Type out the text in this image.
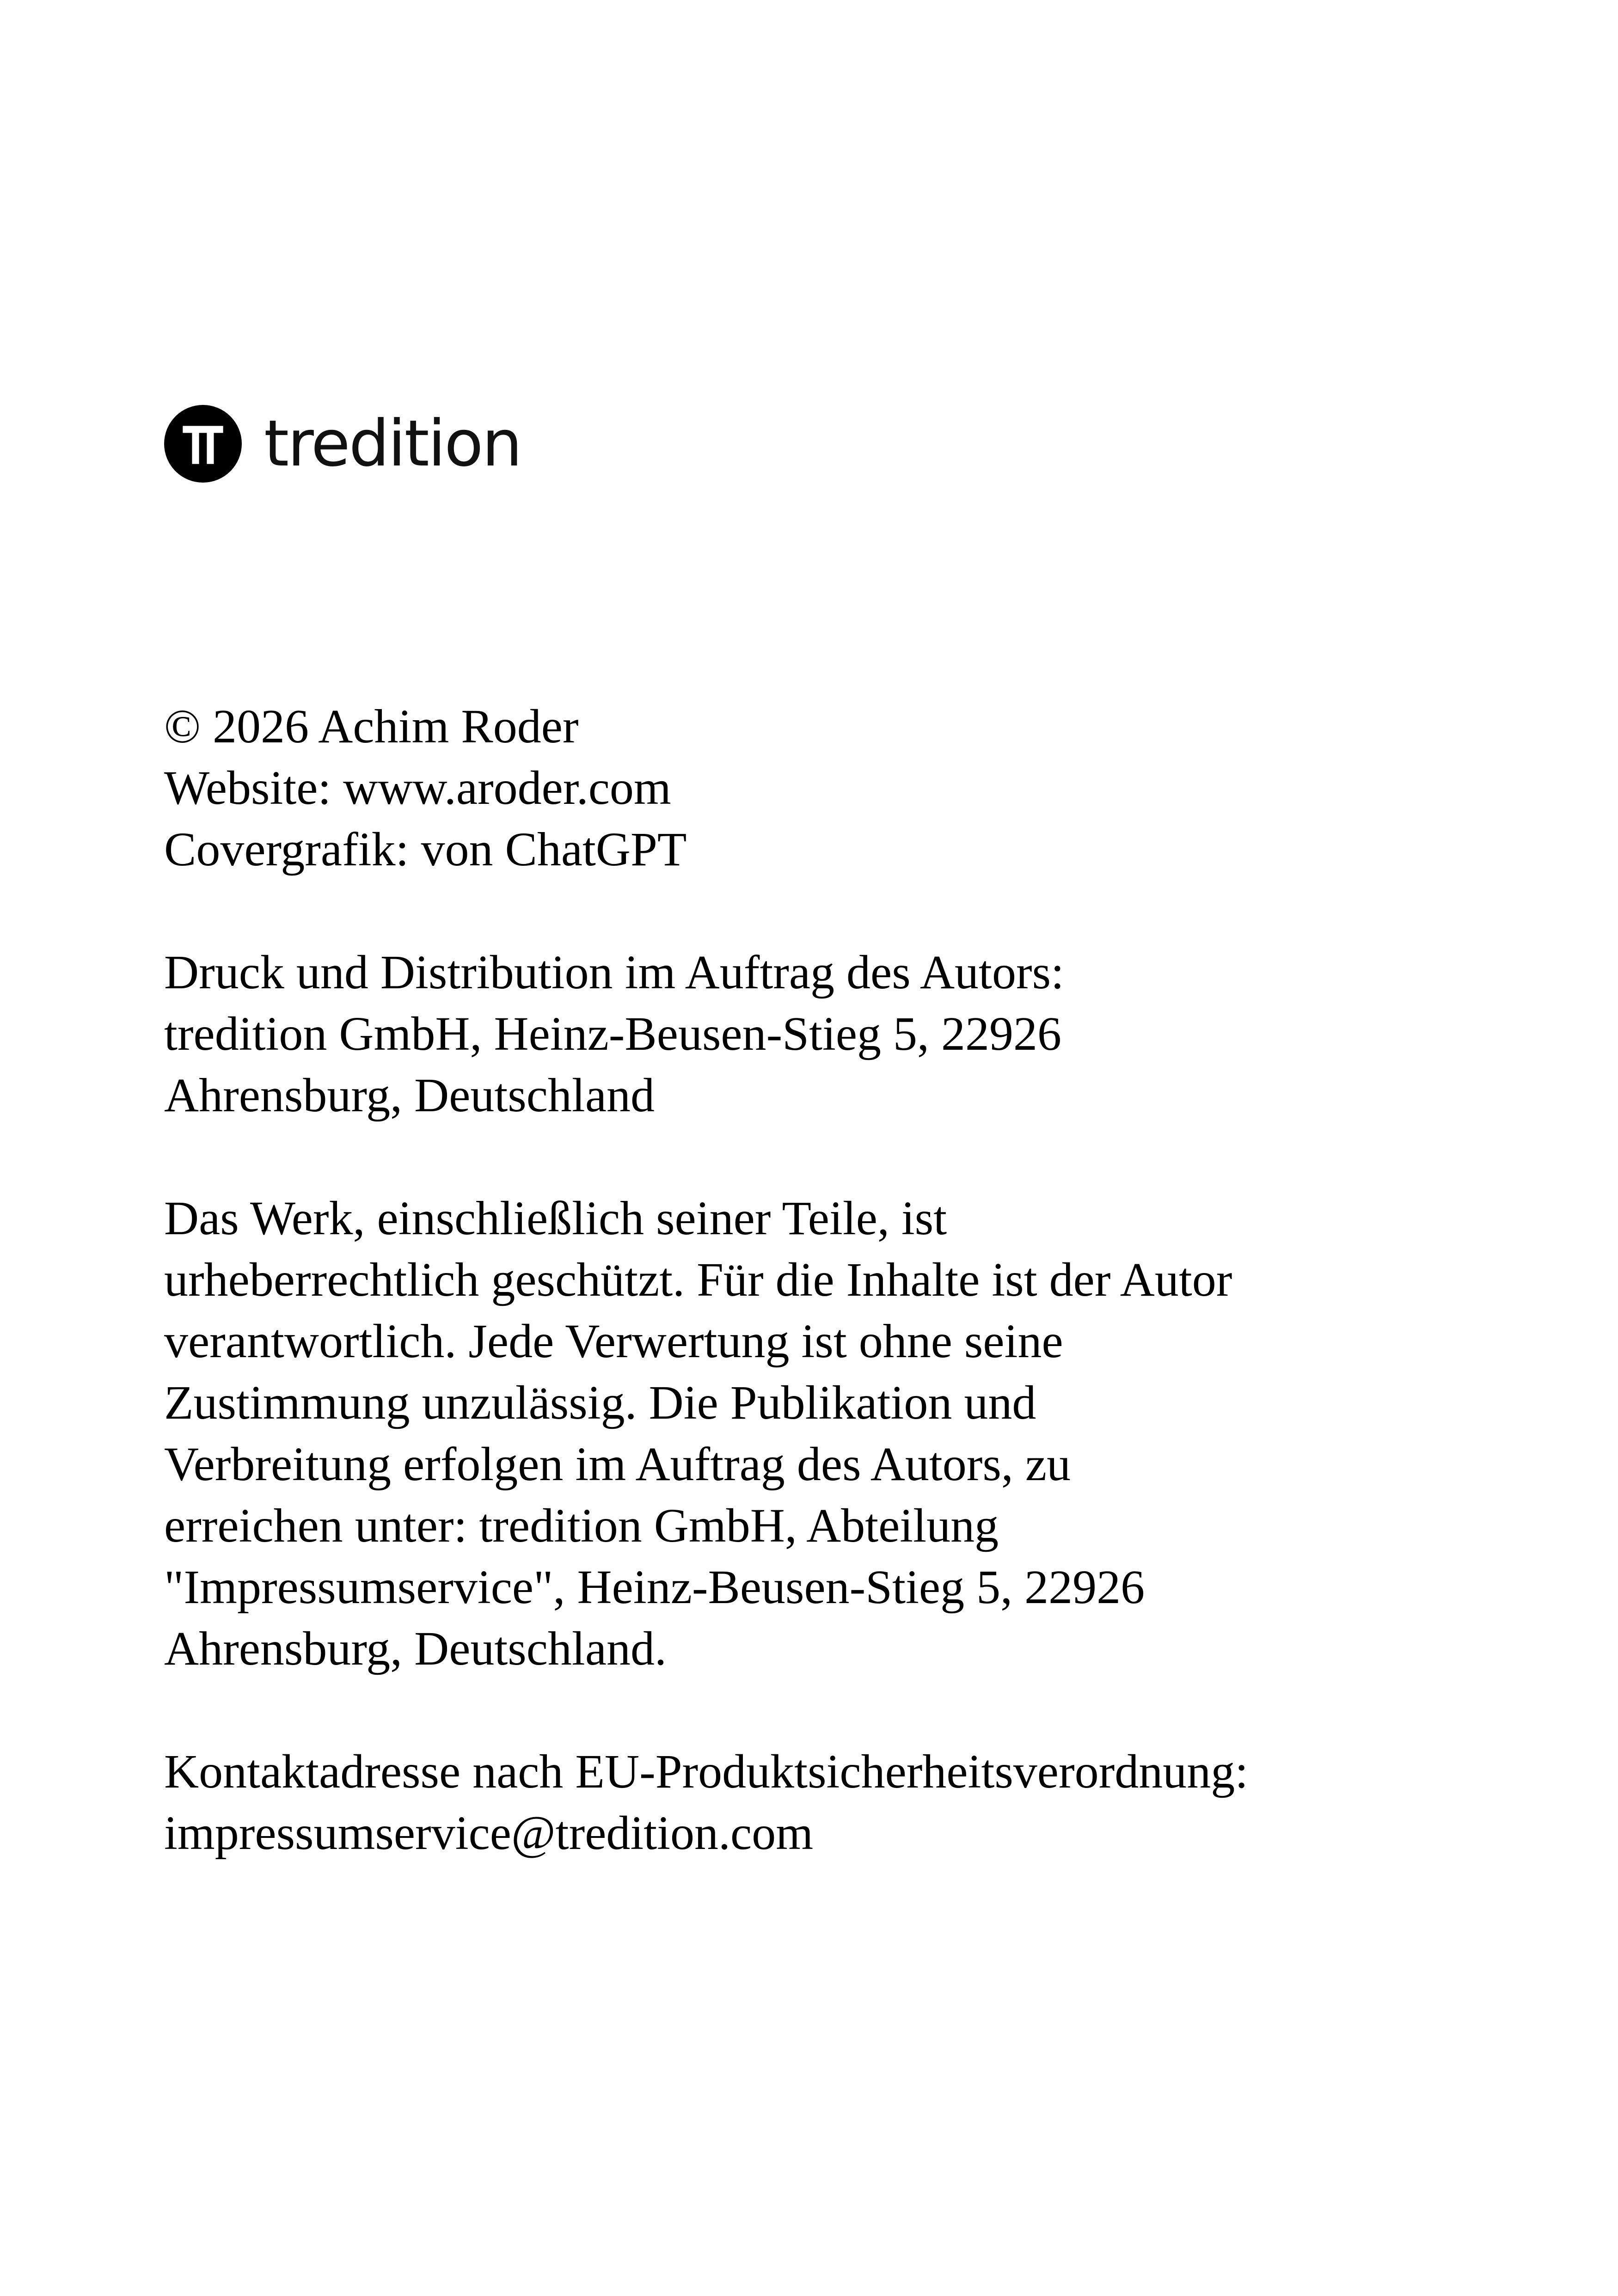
tredition
© 2026 Achim Roder
Website: www.aroder.com
Covergrafik: von ChatGPT
Druck und Distribution im Auftrag des Autors:
tredition GmbH, Heinz-Beusen-Stieg 5, 22926
Ahrensburg, Deutschland
Das Werk, einschließlich seiner Teile, ist
urheberrechtlich geschützt. Für die Inhalte ist der Autor
verantwortlich. Jede Verwertung ist ohne seine
Zustimmung unzulässig. Die Publikation und
Verbreitung erfolgen im Auftrag des Autors, zu
erreichen unter: tredition GmbH, Abteilung
"Impressumservice", Heinz-Beusen-Stieg 5, 22926
Ahrensburg, Deutschland.
Kontaktadresse nach EU-Produktsicherheitsverordnung:
impressumservice@tredition.com
